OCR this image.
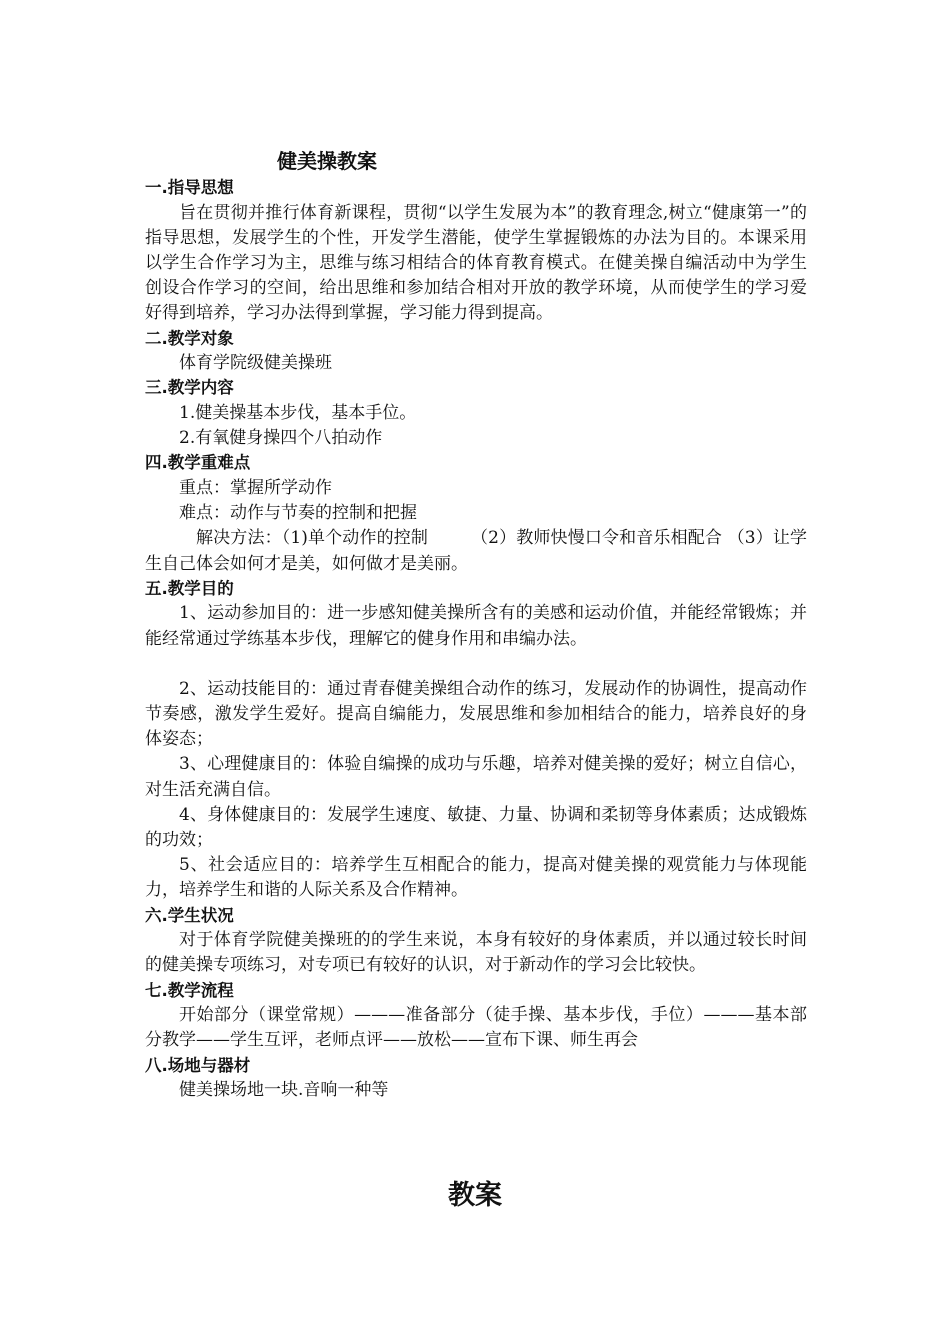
健美操教案
一.指导思想

旨在贯彻并推行体育新课程，贯彻“以学生发展为本”的教育理念,树立“健康第一”的指导思想，发展学生的个性，开发学生潜能，使学生掌握锻炼的办法为目的。本课采用以学生合作学习为主，思维与练习相结合的体育教育模式。在健美操自编活动中为学生创设合作学习的空间，给出思维和参加结合相对开放的教学环境，从而使学生的学习爱好得到培养，学习办法得到掌握，学习能力得到提高。

二.教学对象

体育学院级健美操班

三.教学内容

1.健美操基本步伐，基本手位。

2.有氧健身操四个八拍动作

四.教学重难点

重点：掌握所学动作

难点：动作与节奏的控制和把握

解决方法：（1)单个动作的控制　　　（2）教师快慢口令和音乐相配合 （3）让学生自己体会如何才是美，如何做才是美丽。

五.教学目的

1、运动参加目的：进一步感知健美操所含有的美感和运动价值，并能经常锻炼；并能经常通过学练基本步伐，理解它的健身作用和串编办法。

2、运动技能目的：通过青春健美操组合动作的练习，发展动作的协调性，提高动作节奏感，激发学生爱好。提高自编能力，发展思维和参加相结合的能力，培养良好的身体姿态；

3、心理健康目的：体验自编操的成功与乐趣，培养对健美操的爱好；树立自信心，对生活充满自信。

4、身体健康目的：发展学生速度、敏捷、力量、协调和柔韧等身体素质；达成锻炼的功效；

5、社会适应目的：培养学生互相配合的能力，提高对健美操的观赏能力与体现能力，培养学生和谐的人际关系及合作精神。

六.学生状况

对于体育学院健美操班的的学生来说，本身有较好的身体素质，并以通过较长时间的健美操专项练习，对专项已有较好的认识，对于新动作的学习会比较快。

七.教学流程

开始部分（课堂常规）———准备部分（徒手操、基本步伐，手位）———基本部分教学——学生互评，老师点评——放松——宣布下课、师生再会

八.场地与器材

健美操场地一块.音响一种等

教案
